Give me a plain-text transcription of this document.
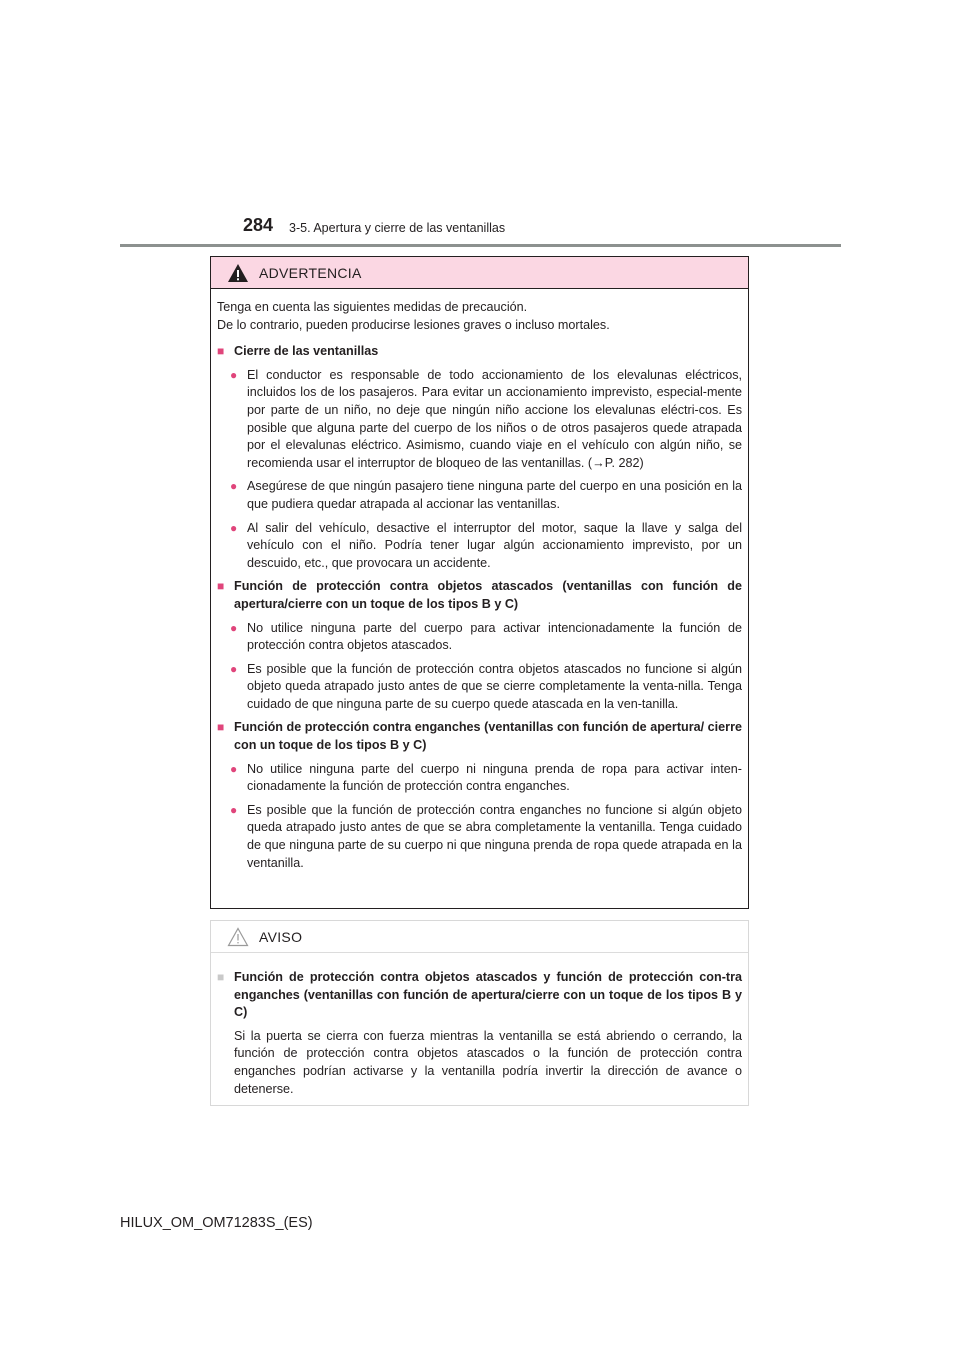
284 3-5. Apertura y cierre de las ventanillas
ADVERTENCIA

Tenga en cuenta las siguientes medidas de precaución.
De lo contrario, pueden producirse lesiones graves o incluso mortales.

■ Cierre de las ventanillas
● El conductor es responsable de todo accionamiento de los elevalunas eléctricos, incluidos los de los pasajeros. Para evitar un accionamiento imprevisto, especial-mente por parte de un niño, no deje que ningún niño accione los elevalunas eléctri-cos. Es posible que alguna parte del cuerpo de los niños o de otros pasajeros quede atrapada por el elevalunas eléctrico. Asimismo, cuando viaje en el vehículo con algún niño, se recomienda usar el interruptor de bloqueo de las ventanillas. (→P. 282)
● Asegúrese de que ningún pasajero tiene ninguna parte del cuerpo en una posición en la que pudiera quedar atrapada al accionar las ventanillas.
● Al salir del vehículo, desactive el interruptor del motor, saque la llave y salga del vehículo con el niño. Podría tener lugar algún accionamiento imprevisto, por un descuido, etc., que provocara un accidente.
■ Función de protección contra objetos atascados (ventanillas con función de apertura/cierre con un toque de los tipos B y C)
● No utilice ninguna parte del cuerpo para activar intencionadamente la función de protección contra objetos atascados.
● Es posible que la función de protección contra objetos atascados no funcione si algún objeto queda atrapado justo antes de que se cierre completamente la venta-nilla. Tenga cuidado de que ninguna parte de su cuerpo quede atascada en la ven-tanilla.
■ Función de protección contra enganches (ventanillas con función de apertura/ cierre con un toque de los tipos B y C)
● No utilice ninguna parte del cuerpo ni ninguna prenda de ropa para activar inten-cionadamente la función de protección contra enganches.
● Es posible que la función de protección contra enganches no funcione si algún objeto queda atrapado justo antes de que se abra completamente la ventanilla. Tenga cuidado de que ninguna parte de su cuerpo ni que ninguna prenda de ropa quede atrapada en la ventanilla.
AVISO
■ Función de protección contra objetos atascados y función de protección con-tra enganches (ventanillas con función de apertura/cierre con un toque de los tipos B y C)

Si la puerta se cierra con fuerza mientras la ventanilla se está abriendo o cerrando, la función de protección contra objetos atascados o la función de protección contra enganches podrían activarse y la ventanilla podría invertir la dirección de avance o detenerse.

HILUX_OM_OM71283S_(ES)
